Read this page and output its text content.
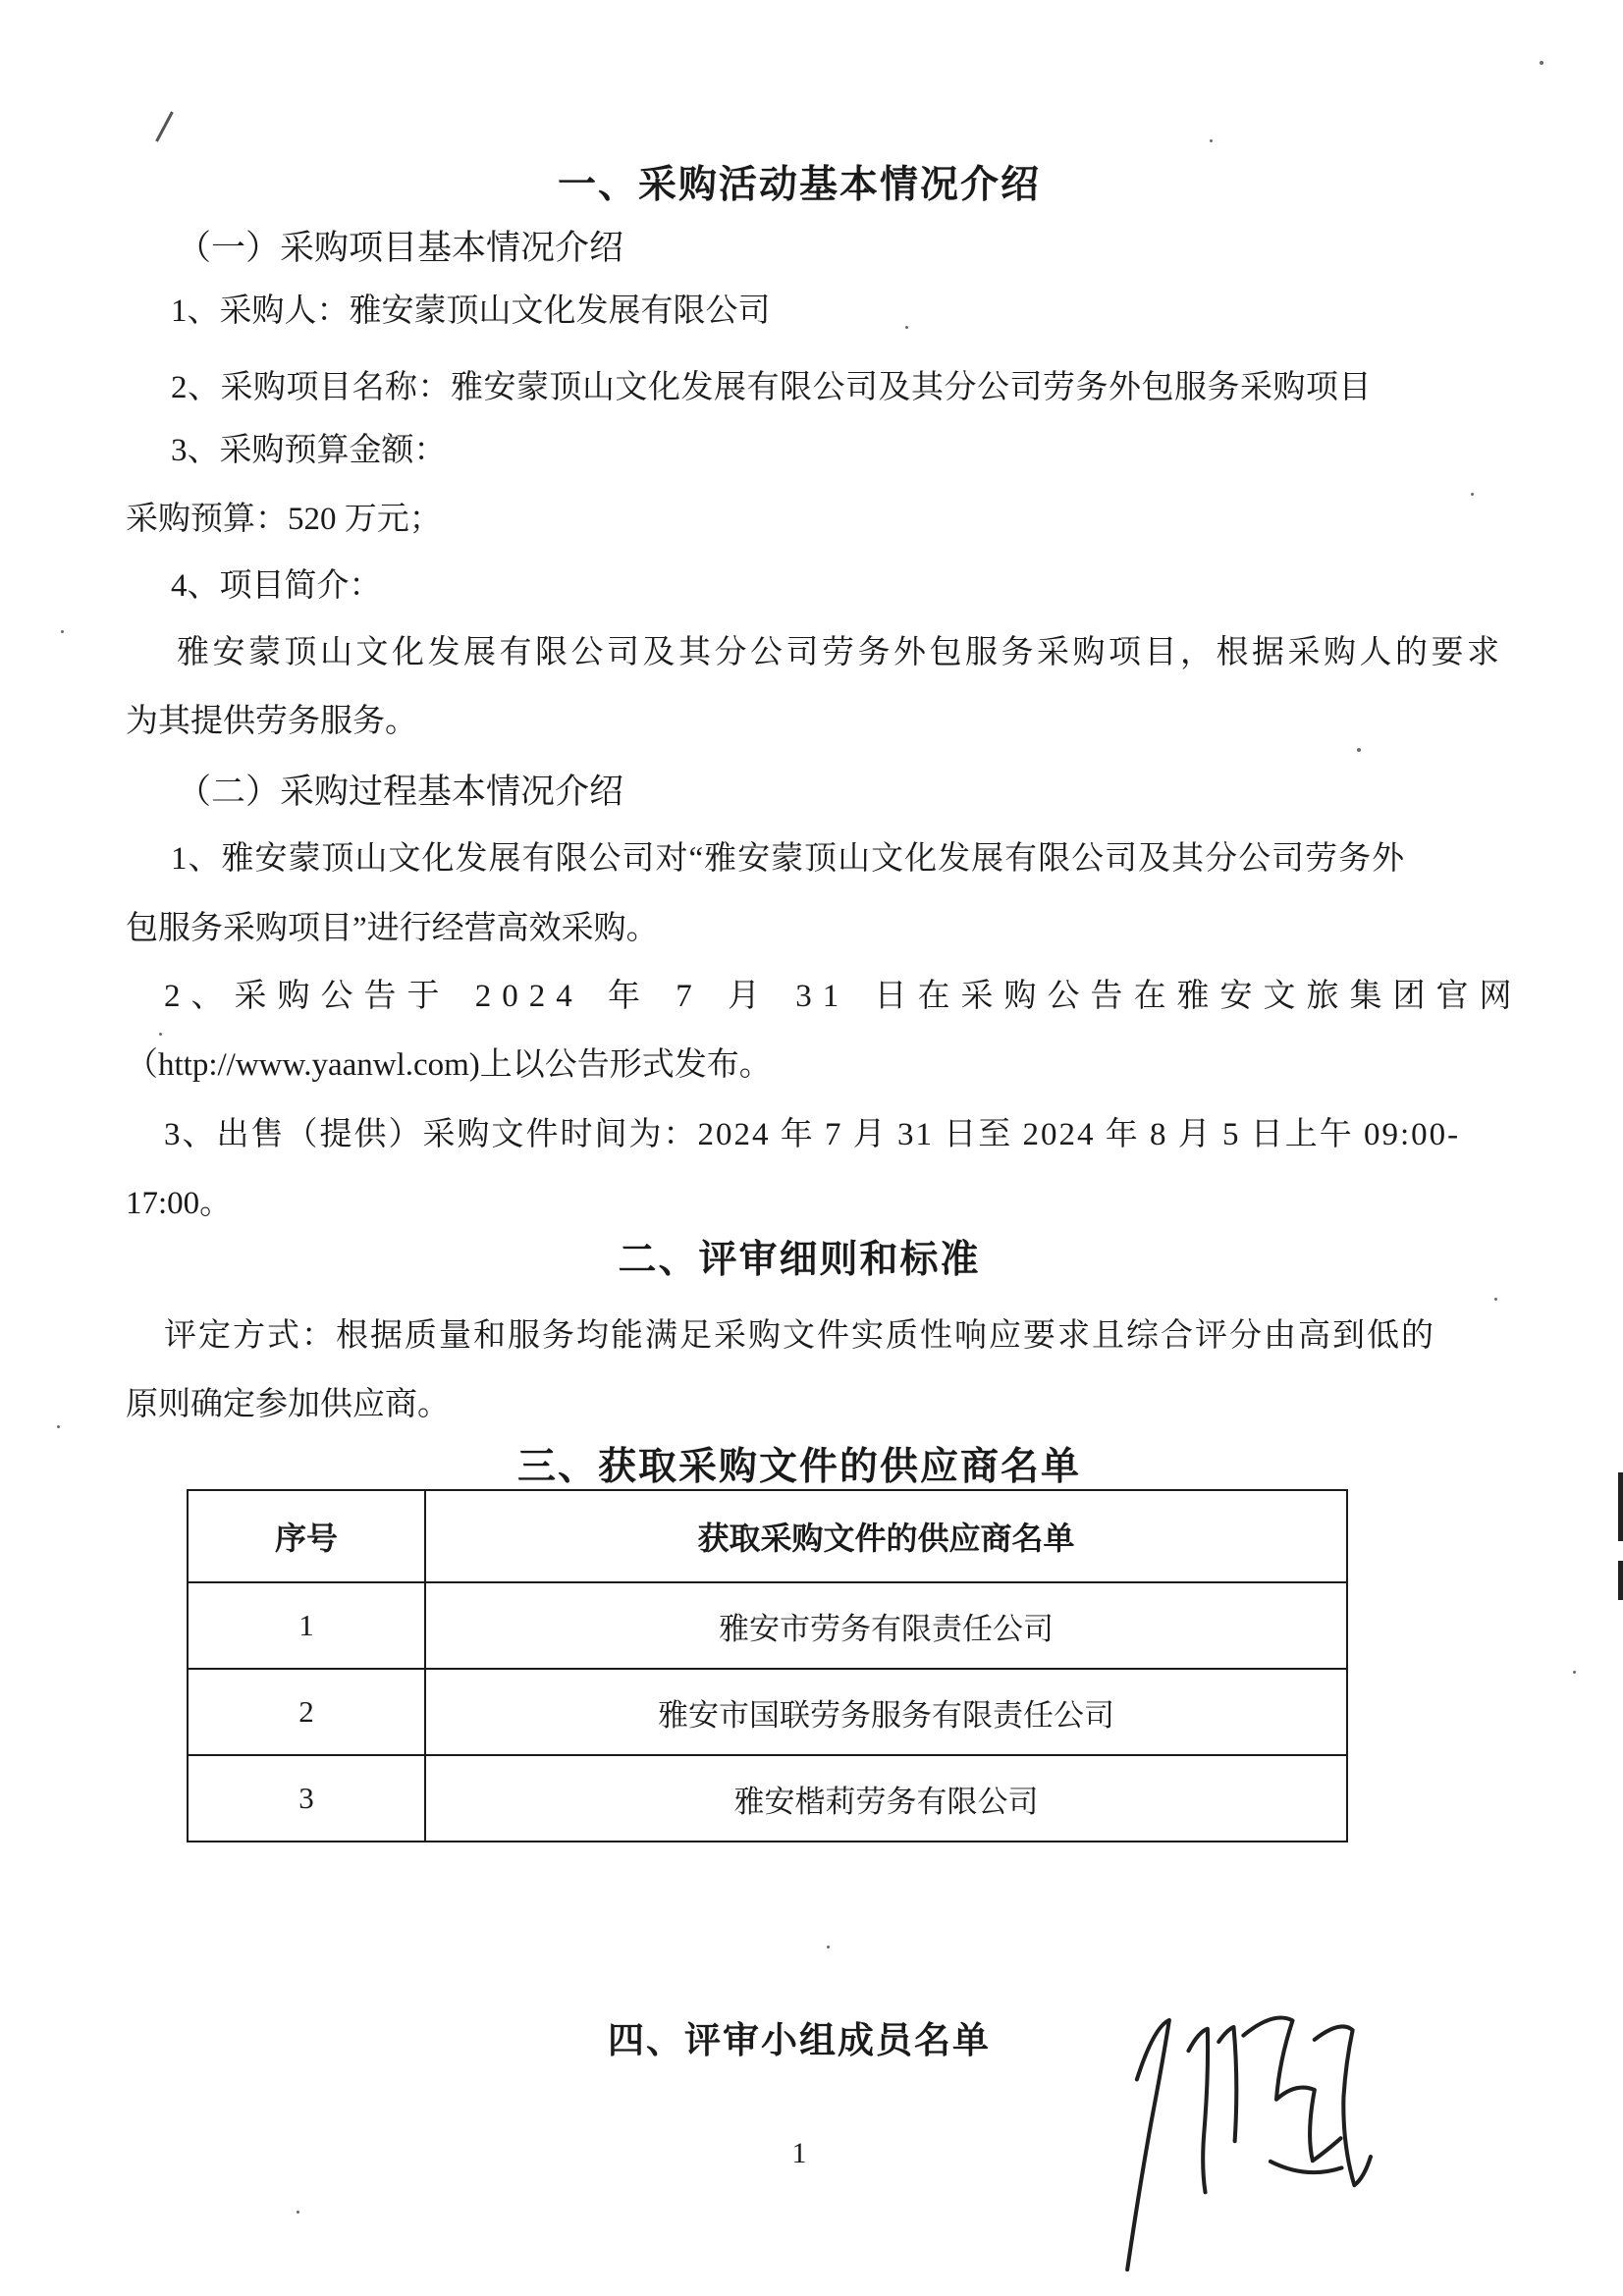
一、采购活动基本情况介绍
（一）采购项目基本情况介绍
1、采购人：雅安蒙顶山文化发展有限公司
2、采购项目名称：雅安蒙顶山文化发展有限公司及其分公司劳务外包服务采购项目
3、采购预算金额：
采购预算：520 万元；
4、项目简介：
雅安蒙顶山文化发展有限公司及其分公司劳务外包服务采购项目，根据采购人的要求
为其提供劳务服务。
（二）采购过程基本情况介绍
1、雅安蒙顶山文化发展有限公司对“雅安蒙顶山文化发展有限公司及其分公司劳务外
包服务采购项目”进行经营高效采购。
2、采购公告于 2024 年 7 月 31 日在采购公告在雅安文旅集团官网
（http://www.yaanwl.com)上以公告形式发布。
3、出售（提供）采购文件时间为：2024 年 7 月 31 日至 2024 年 8 月 5 日上午 09:00-
17:00。
二、评审细则和标准
评定方式：根据质量和服务均能满足采购文件实质性响应要求且综合评分由高到低的
原则确定参加供应商。
三、获取采购文件的供应商名单
序号	获取采购文件的供应商名单
1	雅安市劳务有限责任公司
2	雅安市国联劳务服务有限责任公司
3	雅安楷莉劳务有限公司
四、评审小组成员名单
1
